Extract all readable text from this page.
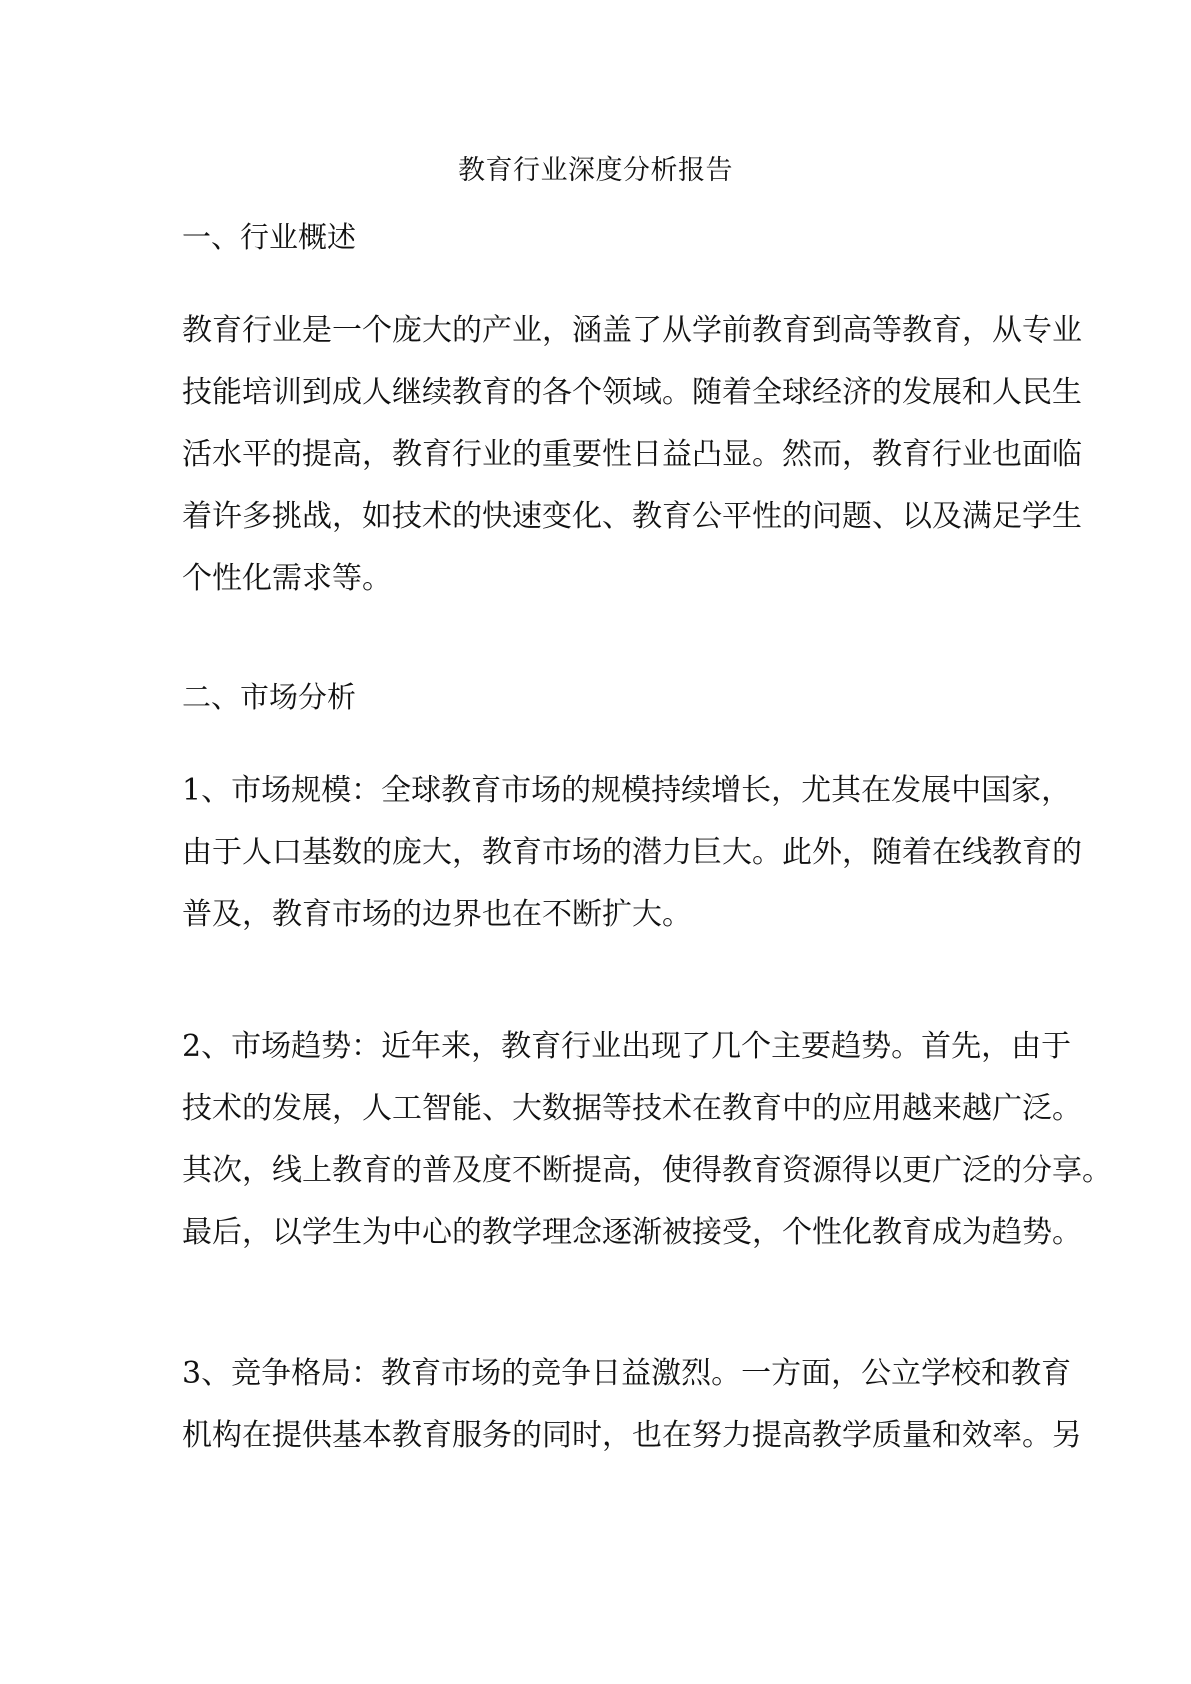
教育行业深度分析报告
一、行业概述
教育行业是一个庞大的产业，涵盖了从学前教育到高等教育，从专业
技能培训到成人继续教育的各个领域。随着全球经济的发展和人民生
活水平的提高，教育行业的重要性日益凸显。然而，教育行业也面临
着许多挑战，如技术的快速变化、教育公平性的问题、以及满足学生
个性化需求等。
二、市场分析
1、市场规模：全球教育市场的规模持续增长，尤其在发展中国家，
由于人口基数的庞大，教育市场的潜力巨大。此外，随着在线教育的
普及，教育市场的边界也在不断扩大。
2、市场趋势：近年来，教育行业出现了几个主要趋势。首先，由于
技术的发展，人工智能、大数据等技术在教育中的应用越来越广泛。
其次，线上教育的普及度不断提高，使得教育资源得以更广泛的分享。
最后，以学生为中心的教学理念逐渐被接受，个性化教育成为趋势。
3、竞争格局：教育市场的竞争日益激烈。一方面，公立学校和教育
机构在提供基本教育服务的同时，也在努力提高教学质量和效率。另
